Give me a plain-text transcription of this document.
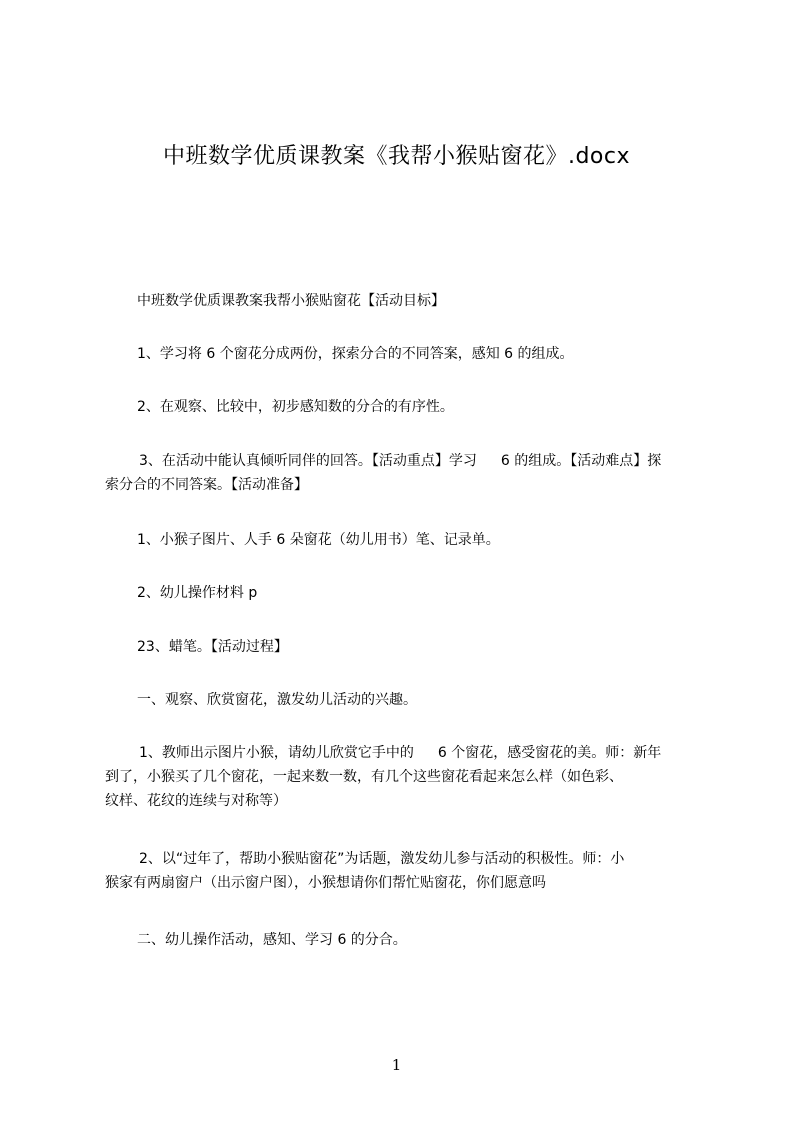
中班数学优质课教案《我帮小猴贴窗花》.docx
中班数学优质课教案我帮小猴贴窗花【活动目标】
1、学习将 6 个窗花分成两份，探索分合的不同答案，感知 6 的组成。
2、在观察、比较中，初步感知数的分合的有序性。
3、在活动中能认真倾听同伴的回答。【活动重点】学习 6 的组成。【活动难点】探
索分合的不同答案。【活动准备】
1、小猴子图片、人手 6 朵窗花（幼儿用书）笔、记录单。
2、幼儿操作材料 p
23、蜡笔。【活动过程】
一、观察、欣赏窗花，激发幼儿活动的兴趣。
1、教师出示图片小猴，请幼儿欣赏它手中的 6 个窗花，感受窗花的美。师：新年
到了，小猴买了几个窗花，一起来数一数，有几个这些窗花看起来怎么样（如色彩、
纹样、花纹的连续与对称等）
2、以“过年了，帮助小猴贴窗花”为话题，激发幼儿参与活动的积极性。师：小
猴家有两扇窗户（出示窗户图），小猴想请你们帮忙贴窗花，你们愿意吗
二、幼儿操作活动，感知、学习 6 的分合。
1
